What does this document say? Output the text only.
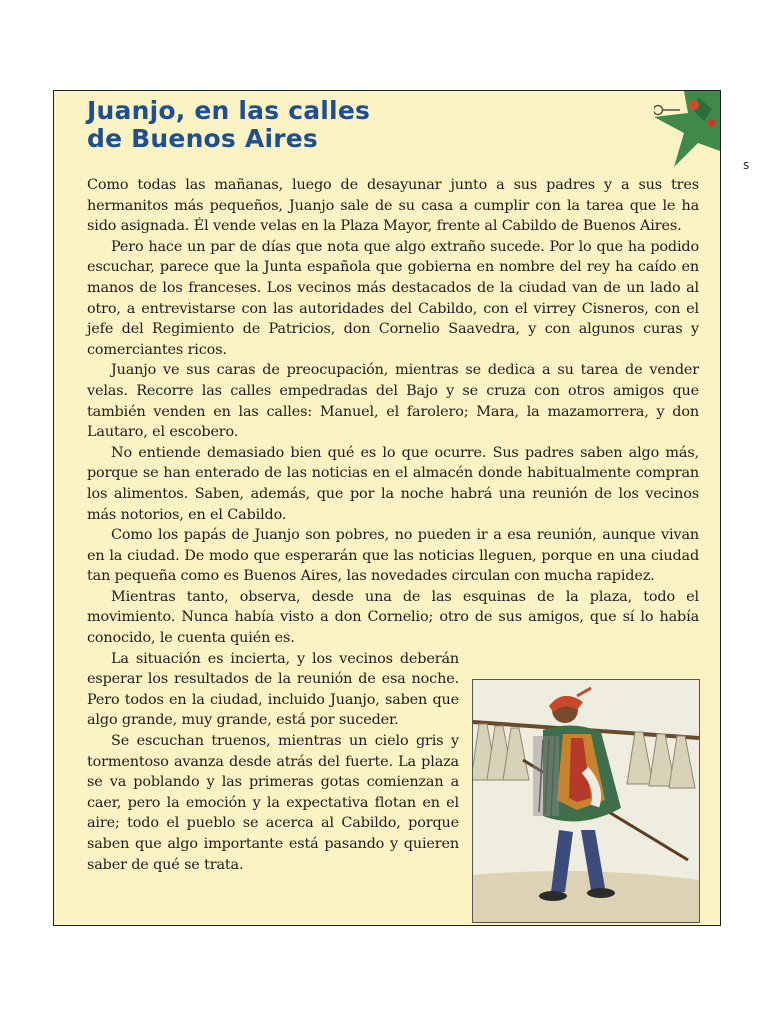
Juanjo, en las calles
de Buenos Aires

Como todas las mañanas, luego de desayunar junto a sus padres y a sus tres hermanitos más pequeños, Juanjo sale de su casa a cumplir con la tarea que le ha sido asignada. Él vende velas en la Plaza Mayor, frente al Cabildo de Buenos Aires.

Pero hace un par de días que nota que algo extraño sucede. Por lo que ha podido escuchar, parece que la Junta española que gobierna en nombre del rey ha caído en manos de los franceses. Los vecinos más destacados de la ciudad van de un lado al otro, a entrevistarse con las autoridades del Cabildo, con el virrey Cisneros, con el jefe del Regimiento de Patricios, don Cornelio Saavedra, y con algunos curas y comerciantes ricos.

Juanjo ve sus caras de preocupación, mientras se dedica a su tarea de vender velas. Recorre las calles empedradas del Bajo y se cruza con otros amigos que también venden en las calles: Manuel, el farolero; Mara, la mazamorrera, y don Lautaro, el escobero.

No entiende demasiado bien qué es lo que ocurre. Sus padres saben algo más, porque se han enterado de las noticias en el almacén donde habitualmente compran los alimentos. Saben, además, que por la noche habrá una reunión de los vecinos más notorios, en el Cabildo.

Como los papás de Juanjo son pobres, no pueden ir a esa reunión, aunque vivan en la ciudad. De modo que esperarán que las noticias lleguen, porque en una ciudad tan pequeña como es Buenos Aires, las novedades circulan con mucha rapidez.

Mientras tanto, observa, desde una de las esquinas de la plaza, todo el movimiento. Nunca había visto a don Cornelio; otro de sus amigos, que sí lo había conocido, le cuenta quién es.

La situación es incierta, y los vecinos deberán esperar los resultados de la reunión de esa noche. Pero todos en la ciudad, incluido Juanjo, saben que algo grande, muy grande, está por suceder.

Se escuchan truenos, mientras un cielo gris y tormentoso avanza desde atrás del fuerte. La plaza se va poblando y las primeras gotas comienzan a caer, pero la emoción y la expectativa flotan en el aire; todo el pueblo se acerca al Cabildo, porque saben que algo importante está pasando y quieren saber de qué se trata.

s
